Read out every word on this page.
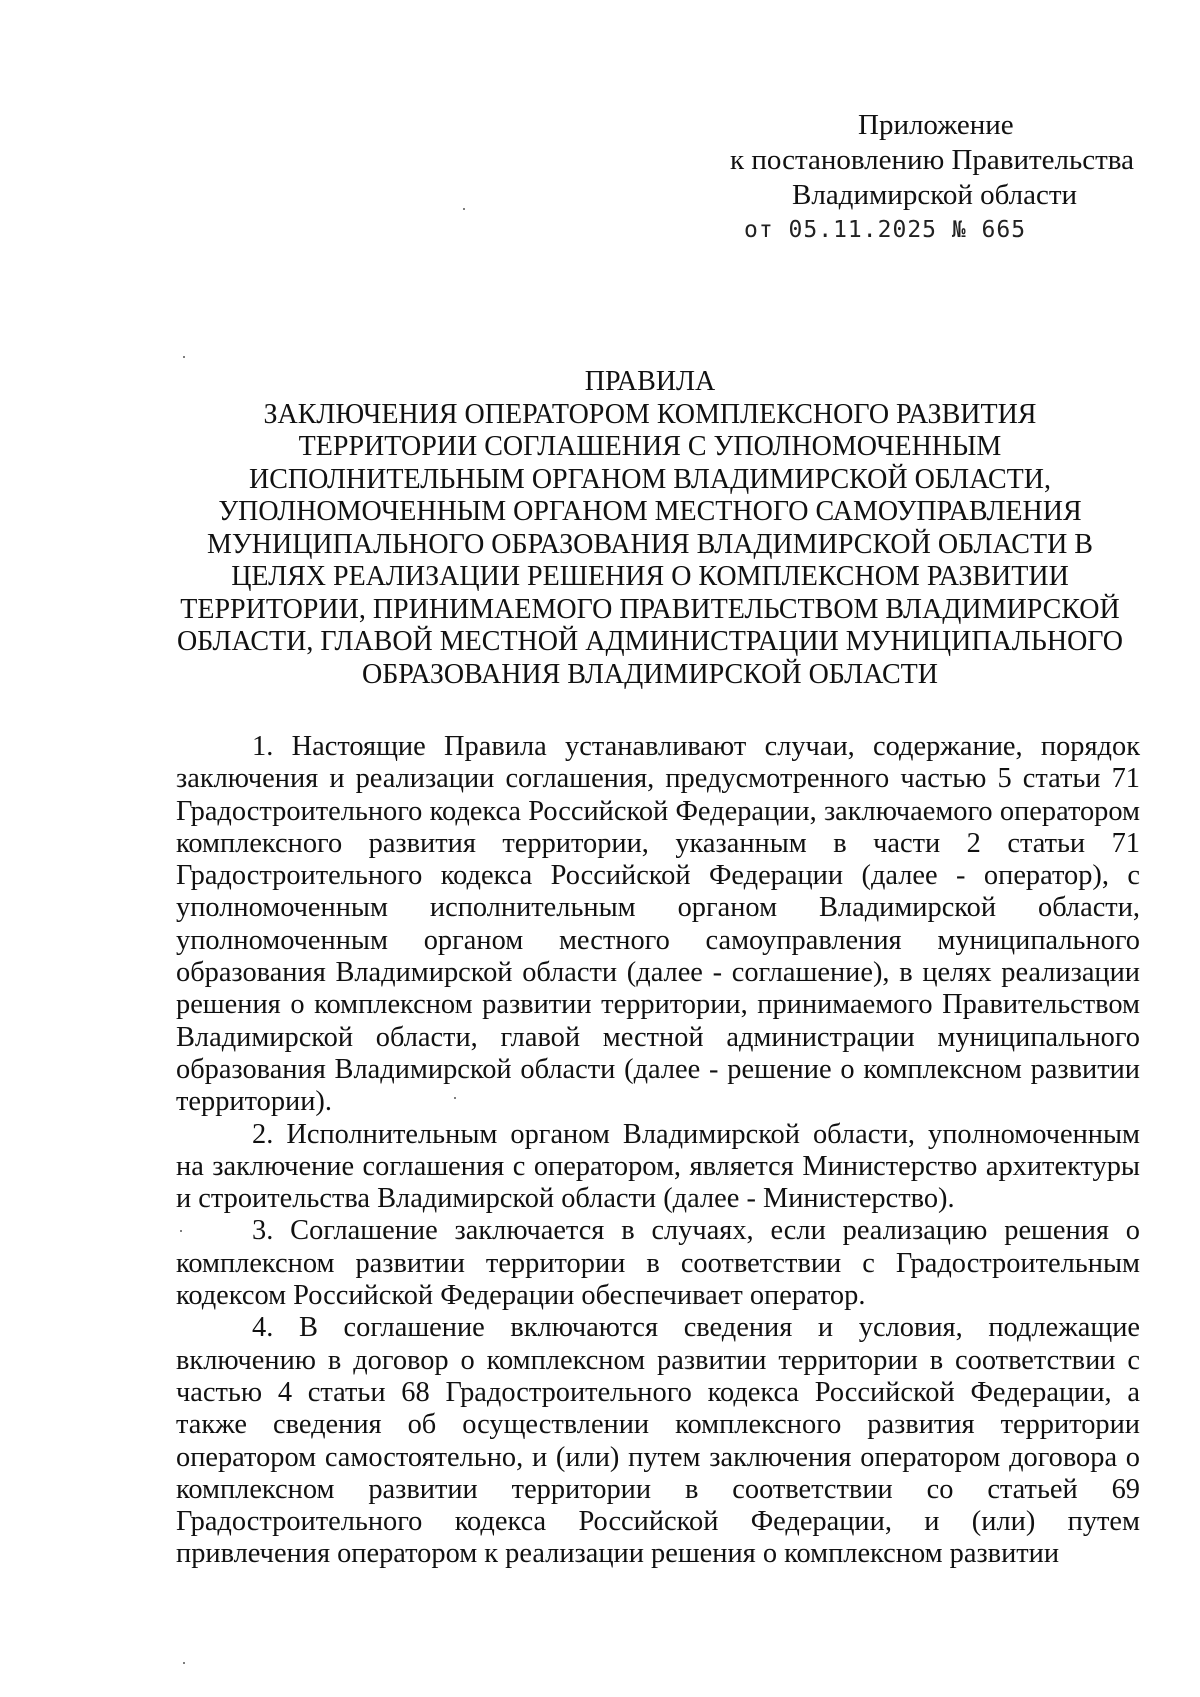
Приложение
к постановлению Правительства
Владимирской области
от 05.11.2025 № 665
ПРАВИЛА
ЗАКЛЮЧЕНИЯ ОПЕРАТОРОМ КОМПЛЕКСНОГО РАЗВИТИЯ
ТЕРРИТОРИИ СОГЛАШЕНИЯ С УПОЛНОМОЧЕННЫМ
ИСПОЛНИТЕЛЬНЫМ ОРГАНОМ ВЛАДИМИРСКОЙ ОБЛАСТИ,
УПОЛНОМОЧЕННЫМ ОРГАНОМ МЕСТНОГО САМОУПРАВЛЕНИЯ
МУНИЦИПАЛЬНОГО ОБРАЗОВАНИЯ ВЛАДИМИРСКОЙ ОБЛАСТИ В
ЦЕЛЯХ РЕАЛИЗАЦИИ РЕШЕНИЯ О КОМПЛЕКСНОМ РАЗВИТИИ
ТЕРРИТОРИИ, ПРИНИМАЕМОГО ПРАВИТЕЛЬСТВОМ ВЛАДИМИРСКОЙ
ОБЛАСТИ, ГЛАВОЙ МЕСТНОЙ АДМИНИСТРАЦИИ МУНИЦИПАЛЬНОГО
ОБРАЗОВАНИЯ ВЛАДИМИРСКОЙ ОБЛАСТИ

1. Настоящие Правила устанавливают случаи, содержание, порядок заключения и реализации соглашения, предусмотренного частью 5 статьи 71 Градостроительного кодекса Российской Федерации, заключаемого оператором комплексного развития территории, указанным в части 2 статьи 71 Градостроительного кодекса Российской Федерации (далее - оператор), с уполномоченным исполнительным органом Владимирской области, уполномоченным органом местного самоуправления муниципального образования Владимирской области (далее - соглашение), в целях реализации решения о комплексном развитии территории, принимаемого Правительством Владимирской области, главой местной администрации муниципального образования Владимирской области (далее - решение о комплексном развитии территории).

2. Исполнительным органом Владимирской области, уполномоченным на заключение соглашения с оператором, является Министерство архитектуры и строительства Владимирской области (далее - Министерство).

3. Соглашение заключается в случаях, если реализацию решения о комплексном развитии территории в соответствии с Градостроительным кодексом Российской Федерации обеспечивает оператор.

4. В соглашение включаются сведения и условия, подлежащие включению в договор о комплексном развитии территории в соответствии с частью 4 статьи 68 Градостроительного кодекса Российской Федерации, а также сведения об осуществлении комплексного развития территории оператором самостоятельно, и (или) путем заключения оператором договора о комплексном развитии территории в соответствии со статьей 69 Градостроительного кодекса Российской Федерации, и (или) путем привлечения оператором к реализации решения о комплексном развитии
